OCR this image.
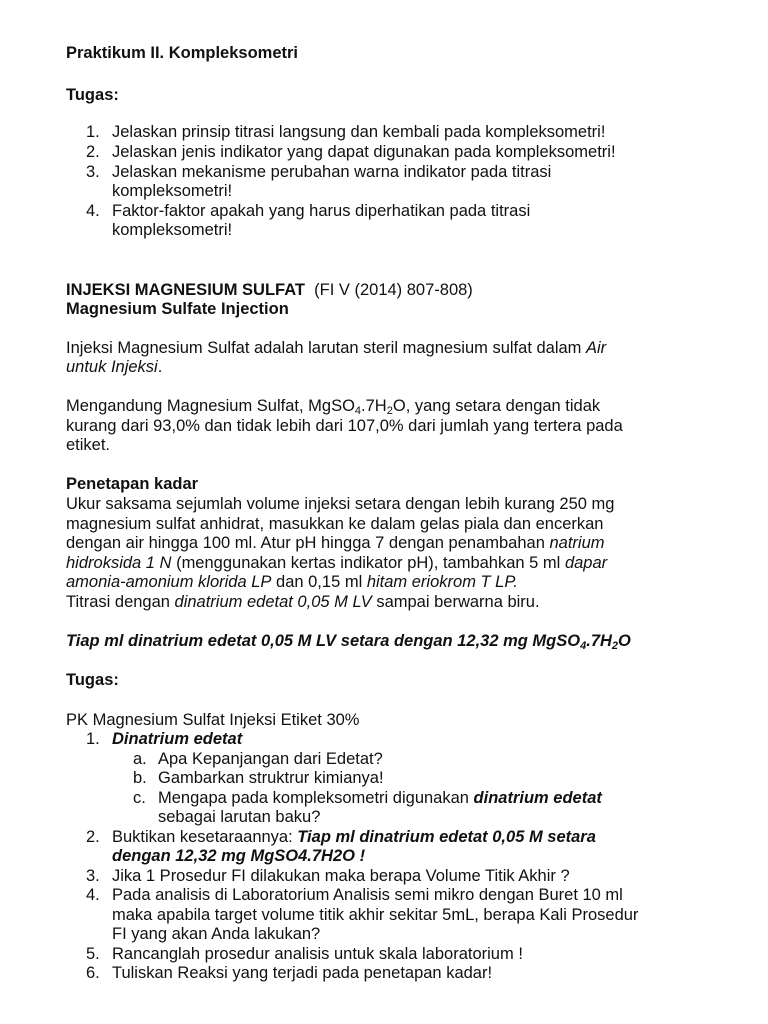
Praktikum II. Kompleksometri

Tugas:

1. Jelaskan prinsip titrasi langsung dan kembali pada kompleksometri!
2. Jelaskan jenis indikator yang dapat digunakan pada kompleksometri!
3. Jelaskan mekanisme perubahan warna indikator pada titrasi
kompleksometri!
4. Faktor-faktor apakah yang harus diperhatikan pada titrasi
kompleksometri!

INJEKSI MAGNESIUM SULFAT (FI V (2014) 807-808)

Magnesium Sulfate Injection

Injeksi Magnesium Sulfat adalah larutan steril magnesium sulfat dalam Air

untuk Injeksi.

Mengandung Magnesium Sulfat, $MgSO_4.7H_2O$, yang setara dengan tidak

kurang dari 93,0% dan tidak lebih dari 107,0% dari jumlah yang tertera pada

etiket.

Penetapan kadar

Ukur saksama sejumlah volume injeksi setara dengan lebih kurang 250 mg

magnesium sulfat anhidrat, masukkan ke dalam gelas piala dan encerkan

dengan air hingga 100 ml. Atur pH hingga 7 dengan penambahan natrium

hidroksida 1 N (menggunakan kertas indikator pH), tambahkan 5 ml dapar

amonia-amonium klorida LP dan 0,15 ml hitam eriokrom T LP.

Titrasi dengan dinatrium edetat 0,05 M LV sampai berwarna biru.

Tiap ml dinatrium edetat 0,05 M LV setara dengan 12,32 mg $MgSO_4.7H_2O$

Tugas:

PK Magnesium Sulfat Injeksi Etiket 30%

1. Dinatrium edetat
a. Apa Kepanjangan dari Edetat?
b. Gambarkan struktrur kimianya!
c. Mengapa pada kompleksometri digunakan dinatrium edetat
sebagai larutan baku?
2. Buktikan kesetaraannya: Tiap ml dinatrium edetat 0,05 M setara
dengan 12,32 mg MgSO4.7H2O !
3. Jika 1 Prosedur FI dilakukan maka berapa Volume Titik Akhir ?
4. Pada analisis di Laboratorium Analisis semi mikro dengan Buret 10 ml
maka apabila target volume titik akhir sekitar 5mL, berapa Kali Prosedur
FI yang akan Anda lakukan?
5. Rancanglah prosedur analisis untuk skala laboratorium !
6. Tuliskan Reaksi yang terjadi pada penetapan kadar!
